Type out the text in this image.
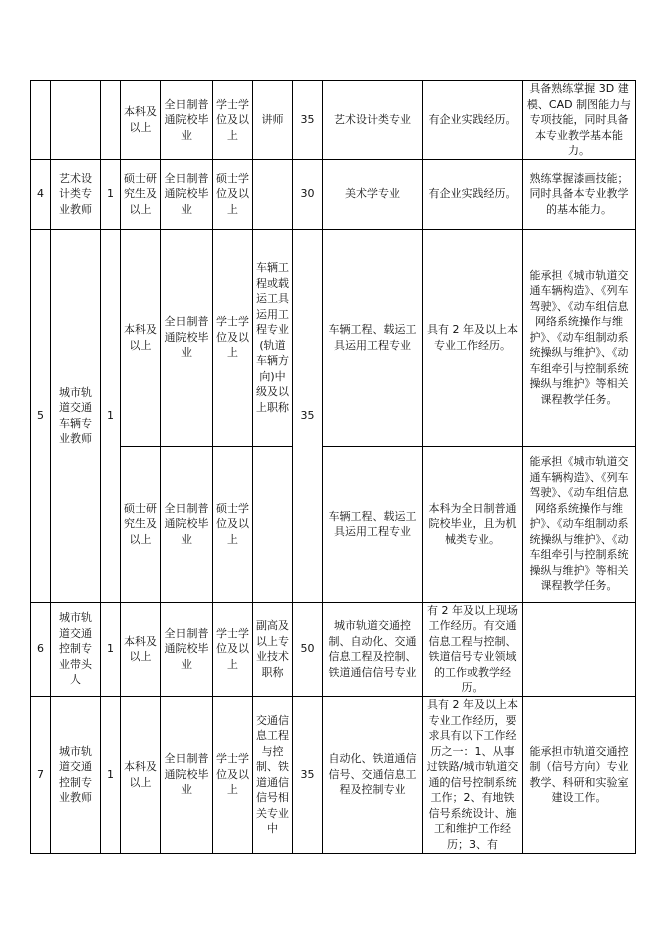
			本科及以上	全日制普通院校毕业	学士学位及以上	讲师	35	艺术设计类专业	有企业实践经历。	具备熟练掌握 3D 建模、CAD 制图能力与专项技能，同时具备本专业教学基本能力。
4	艺术设计类专业教师	1	硕士研究生及以上	全日制普通院校毕业	硕士学位及以上		30	美术学专业	有企业实践经历。	熟练掌握漆画技能；同时具备本专业教学的基本能力。
5	城市轨道交通车辆专业教师	1	本科及以上	全日制普通院校毕业	学士学位及以上	车辆工程或载运工具运用工程专业(轨道车辆方向)中级及以上职称	35	车辆工程、载运工具运用工程专业	具有 2 年及以上本专业工作经历。	能承担《城市轨道交通车辆构造》、《列车驾驶》、《动车组信息网络系统操作与维护》、《动车组制动系统操纵与维护》、《动车组牵引与控制系统操纵与维护》等相关课程教学任务。
			硕士研究生及以上	全日制普通院校毕业	硕士学位及以上			车辆工程、载运工具运用工程专业	本科为全日制普通院校毕业，且为机械类专业。	能承担《城市轨道交通车辆构造》、《列车驾驶》、《动车组信息网络系统操作与维护》、《动车组制动系统操纵与维护》、《动车组牵引与控制系统操纵与维护》等相关课程教学任务。
6	城市轨道交通控制专业带头人	1	本科及以上	全日制普通院校毕业	学士学位及以上	副高及以上专业技术职称	50	城市轨道交通控制、自动化、交通信息工程及控制、铁道通信信号专业	有 2 年及以上现场工作经历。有交通信息工程与控制、铁道信号专业领域的工作或教学经历。	
7	城市轨道交通控制专业教师	1	本科及以上	全日制普通院校毕业	学士学位及以上	交通信息工程与控制、铁道通信信号相关专业中	35	自动化、铁道通信信号、交通信息工程及控制专业	具有 2 年及以上本专业工作经历，要求具有以下工作经历之一：1、从事过铁路/城市轨道交通的信号控制系统工作；2、有地铁信号系统设计、施工和维护工作经历；3、有	能承担市轨道交通控制（信号方向）专业教学、科研和实验室建设工作。
